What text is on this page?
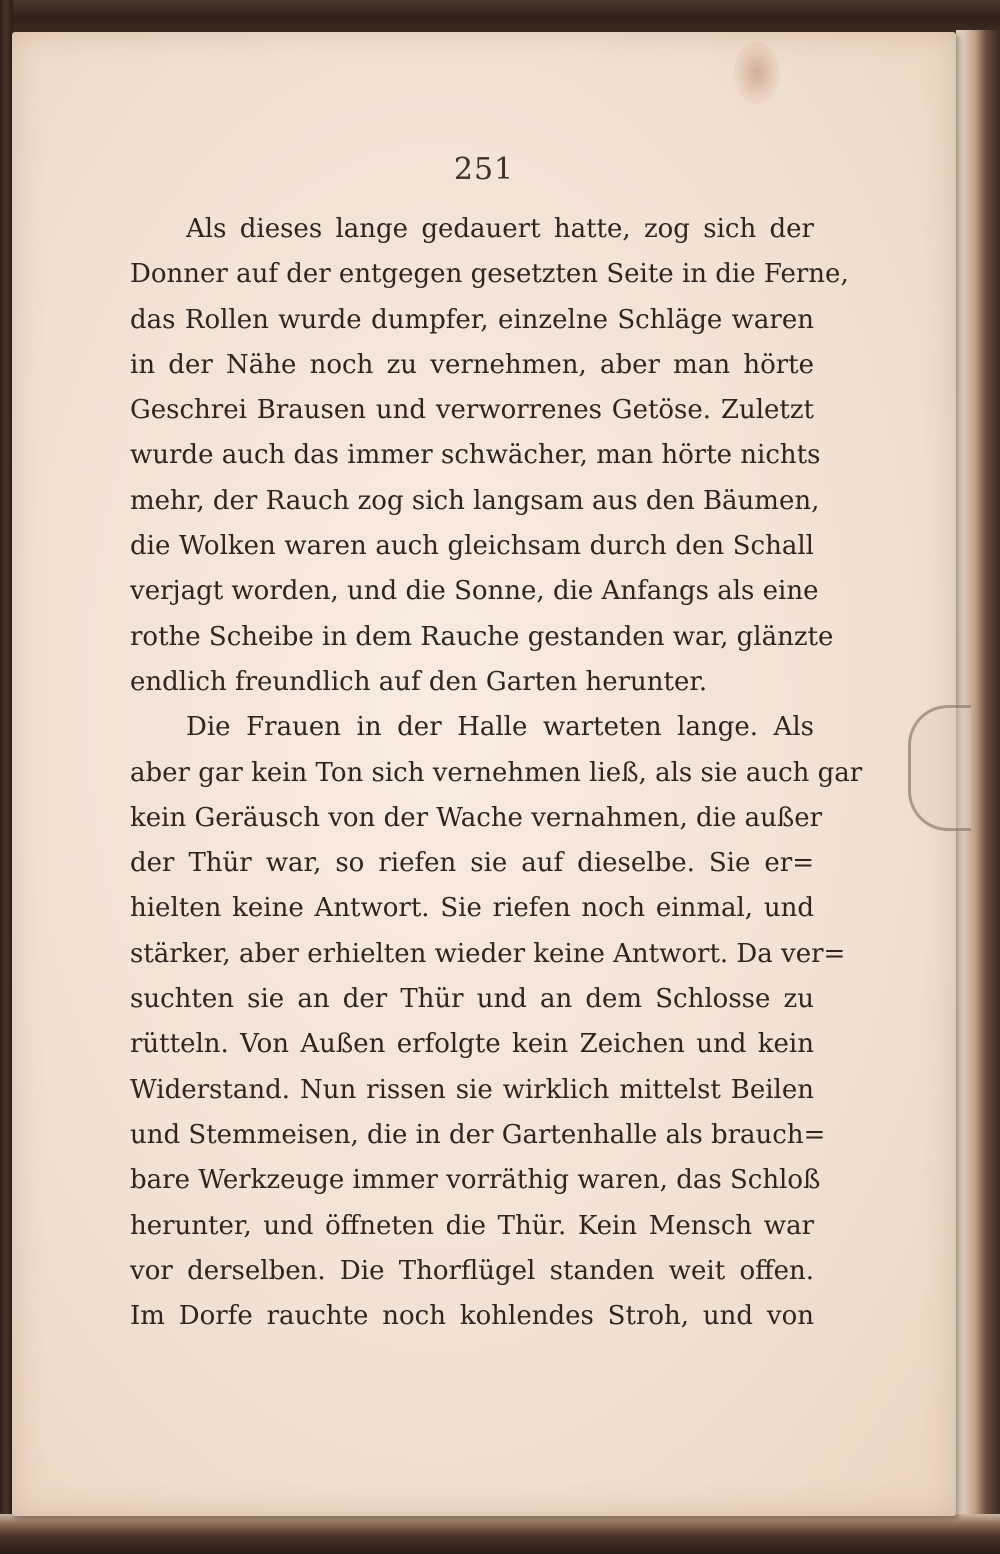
251
Als dieses lange gedauert hatte, zog sich der
Donner auf der entgegen gesetzten Seite in die Ferne,
das Rollen wurde dumpfer, einzelne Schläge waren
in der Nähe noch zu vernehmen, aber man hörte
Geschrei Brausen und verworrenes Getöse. Zuletzt
wurde auch das immer schwächer, man hörte nichts
mehr, der Rauch zog sich langsam aus den Bäumen,
die Wolken waren auch gleichsam durch den Schall
verjagt worden, und die Sonne, die Anfangs als eine
rothe Scheibe in dem Rauche gestanden war, glänzte
endlich freundlich auf den Garten herunter.
Die Frauen in der Halle warteten lange. Als
aber gar kein Ton sich vernehmen ließ, als sie auch gar
kein Geräusch von der Wache vernahmen, die außer
der Thür war, so riefen sie auf dieselbe. Sie er=
hielten keine Antwort. Sie riefen noch einmal, und
stärker, aber erhielten wieder keine Antwort. Da ver=
suchten sie an der Thür und an dem Schlosse zu
rütteln. Von Außen erfolgte kein Zeichen und kein
Widerstand. Nun rissen sie wirklich mittelst Beilen
und Stemmeisen, die in der Gartenhalle als brauch=
bare Werkzeuge immer vorräthig waren, das Schloß
herunter, und öffneten die Thür. Kein Mensch war
vor derselben. Die Thorflügel standen weit offen.
Im Dorfe rauchte noch kohlendes Stroh, und von
